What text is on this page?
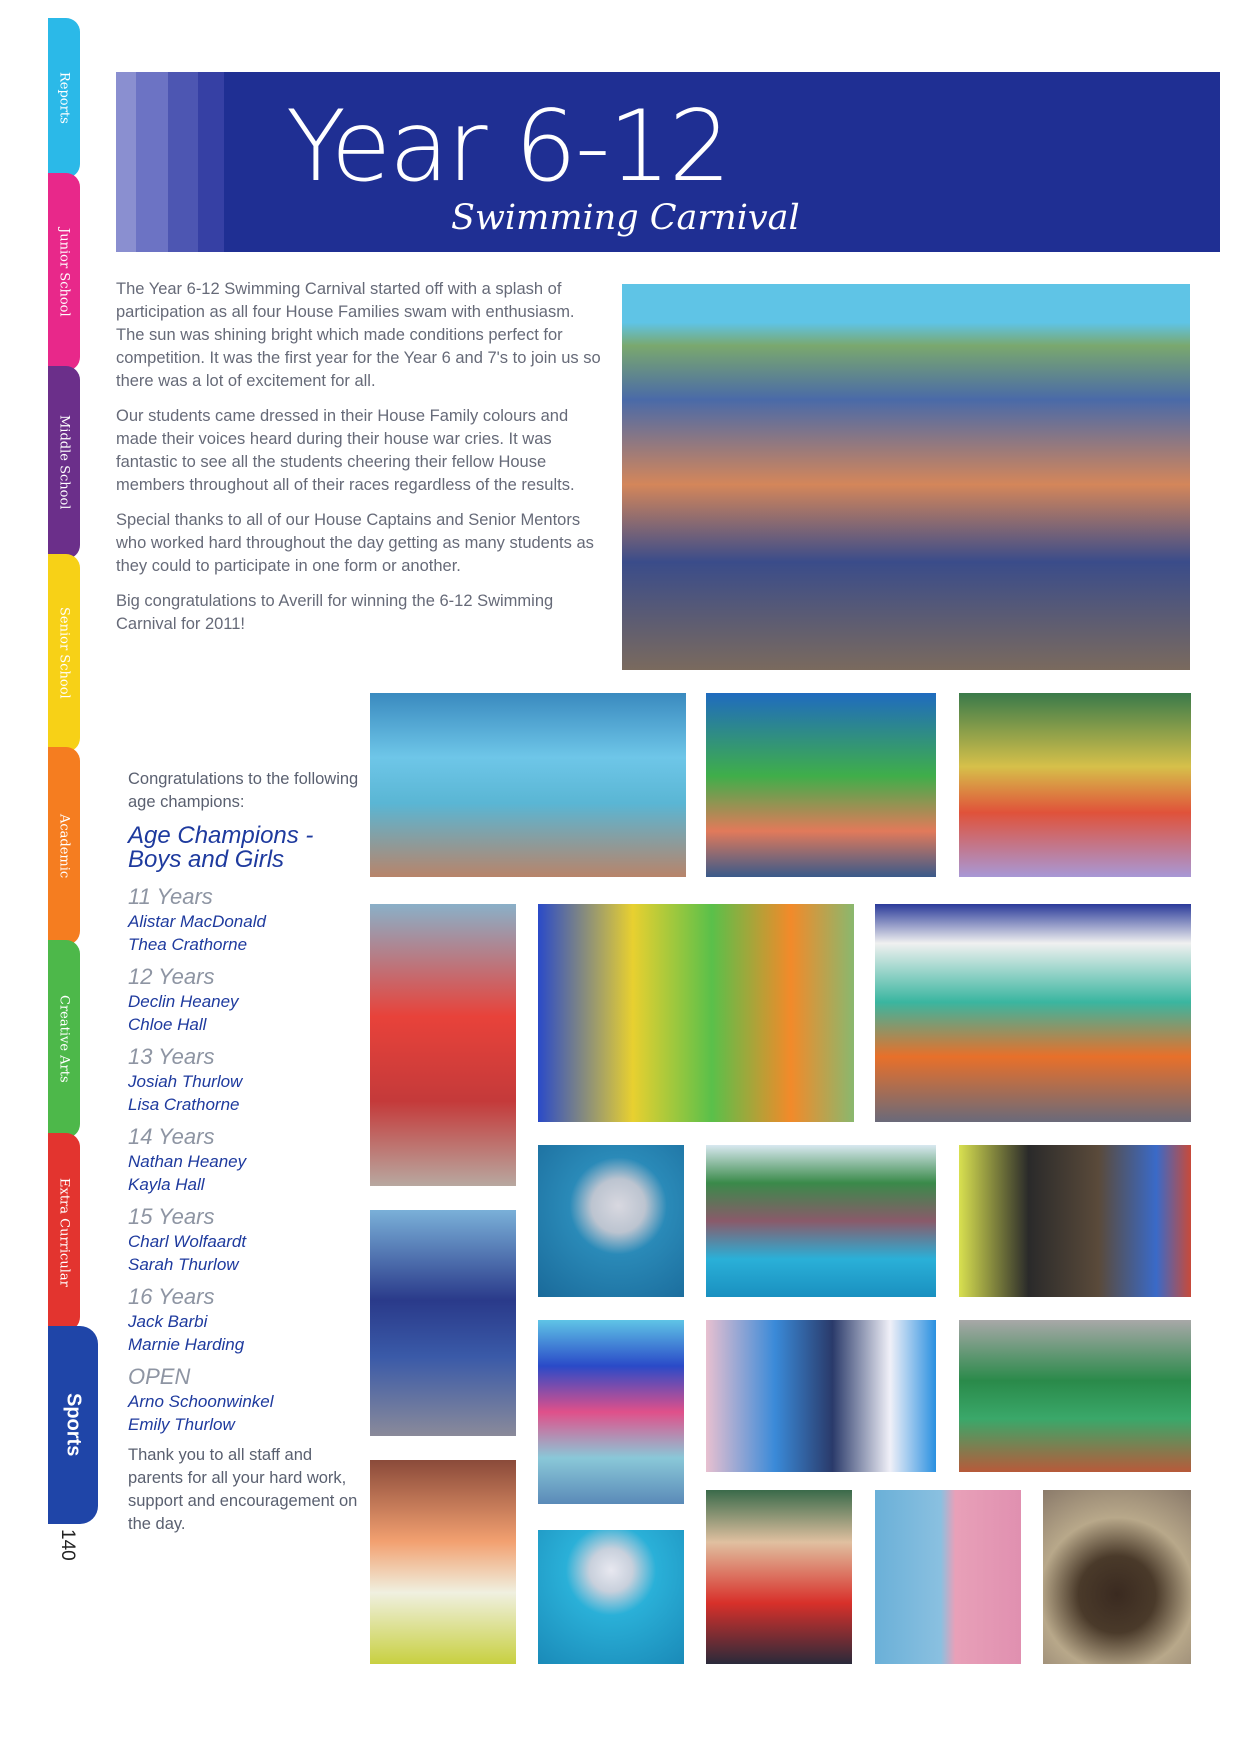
Reports
Junior School
Middle School
Senior School
Academic
Creative Arts
Extra Curricular
Sports
140
Year 6-12
Swimming Carnival

The Year 6-12 Swimming Carnival started off with a splash of participation as all four House Families swam with enthusiasm. The sun was shining bright which made conditions perfect for competition. It was the first year for the Year 6 and 7's to join us so there was a lot of excitement for all.

Our students came dressed in their House Family colours and made their voices heard during their house war cries. It was fantastic to see all the students cheering their fellow House members throughout all of their races regardless of the results.

Special thanks to all of our House Captains and Senior Mentors who worked hard throughout the day getting as many students as they could to participate in one form or another.

Big congratulations to Averill for winning the 6-12 Swimming Carnival for 2011!

Congratulations to the following age champions:

Age Champions - Boys and Girls
11 Years
Alistar MacDonald
Thea Crathorne
12 Years
Declin Heaney
Chloe Hall
13 Years
Josiah Thurlow
Lisa Crathorne
14 Years
Nathan Heaney
Kayla Hall
15 Years
Charl Wolfaardt
Sarah Thurlow
16 Years
Jack Barbi
Marnie Harding
OPEN
Arno Schoonwinkel
Emily Thurlow

Thank you to all staff and parents for all your hard work, support and encouragement on the day.
